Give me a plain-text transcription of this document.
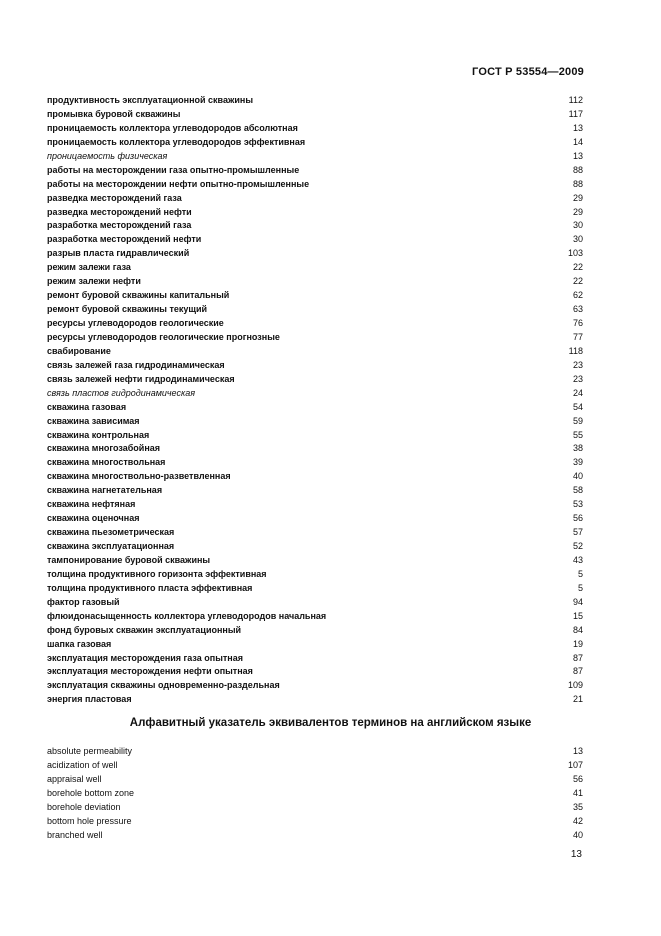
ГОСТ Р 53554—2009
продуктивность эксплуатационной скважины	112
промывка буровой скважины	117
проницаемость коллектора углеводородов абсолютная	13
проницаемость коллектора углеводородов эффективная	14
проницаемость физическая	13
работы на месторождении газа опытно-промышленные	88
работы на месторождении нефти опытно-промышленные	88
разведка месторождений газа	29
разведка месторождений нефти	29
разработка месторождений газа	30
разработка месторождений нефти	30
разрыв пласта гидравлический	103
режим залежи газа	22
режим залежи нефти	22
ремонт буровой скважины капитальный	62
ремонт буровой скважины текущий	63
ресурсы углеводородов геологические	76
ресурсы углеводородов геологические прогнозные	77
свабирование	118
связь залежей газа гидродинамическая	23
связь залежей нефти гидродинамическая	23
связь пластов гидродинамическая	24
скважина газовая	54
скважина зависимая	59
скважина контрольная	55
скважина многозабойная	38
скважина многоствольная	39
скважина многоствольно-разветвленная	40
скважина нагнетательная	58
скважина нефтяная	53
скважина оценочная	56
скважина пьезометрическая	57
скважина эксплуатационная	52
тампонирование буровой скважины	43
толщина продуктивного горизонта эффективная	5
толщина продуктивного пласта эффективная	5
фактор газовый	94
флюидонасыщенность коллектора углеводородов начальная	15
фонд буровых скважин эксплуатационный	84
шапка газовая	19
эксплуатация месторождения газа опытная	87
эксплуатация месторождения нефти опытная	87
эксплуатация скважины одновременно-раздельная	109
энергия пластовая	21
Алфавитный указатель эквивалентов терминов на английском языке
absolute permeability	13
acidization of well	107
appraisal well	56
borehole bottom zone	41
borehole deviation	35
bottom hole pressure	42
branched well	40
13
